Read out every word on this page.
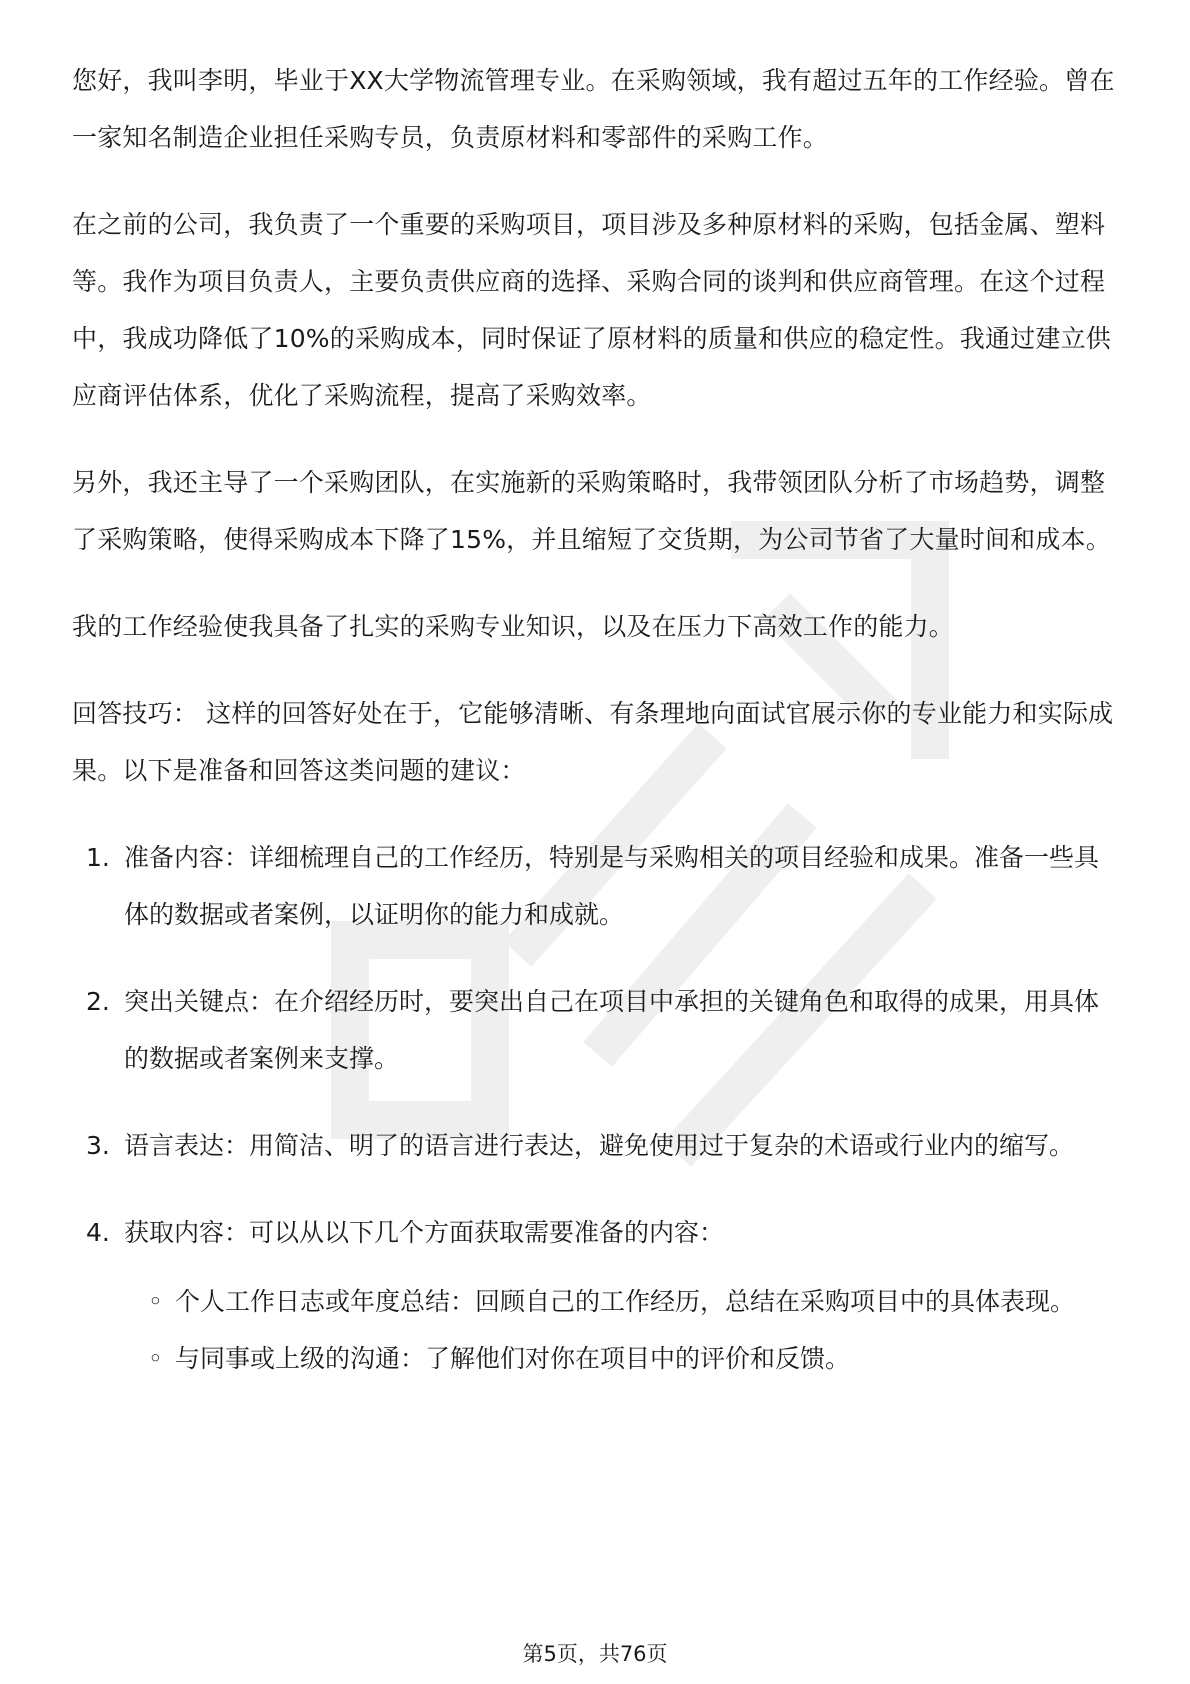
您好，我叫李明，毕业于XX大学物流管理专业。在采购领域，我有超过五年的工作经验。曾在一家知名制造企业担任采购专员，负责原材料和零部件的采购工作。

在之前的公司，我负责了一个重要的采购项目，项目涉及多种原材料的采购，包括金属、塑料等。我作为项目负责人，主要负责供应商的选择、采购合同的谈判和供应商管理。在这个过程中，我成功降低了10%的采购成本，同时保证了原材料的质量和供应的稳定性。我通过建立供应商评估体系，优化了采购流程，提高了采购效率。

另外，我还主导了一个采购团队，在实施新的采购策略时，我带领团队分析了市场趋势，调整了采购策略，使得采购成本下降了15%，并且缩短了交货期，为公司节省了大量时间和成本。

我的工作经验使我具备了扎实的采购专业知识，以及在压力下高效工作的能力。

回答技巧： 这样的回答好处在于，它能够清晰、有条理地向面试官展示你的专业能力和实际成果。以下是准备和回答这类问题的建议：

1. 准备内容：详细梳理自己的工作经历，特别是与采购相关的项目经验和成果。准备一些具体的数据或者案例，以证明你的能力和成就。
2. 突出关键点：在介绍经历时，要突出自己在项目中承担的关键角色和取得的成果，用具体的数据或者案例来支撑。
3. 语言表达：用简洁、明了的语言进行表达，避免使用过于复杂的术语或行业内的缩写。
4. 获取内容：可以从以下几个方面获取需要准备的内容：
◦ 个人工作日志或年度总结：回顾自己的工作经历，总结在采购项目中的具体表现。
◦ 与同事或上级的沟通：了解他们对你在项目中的评价和反馈。
第5页，共76页
